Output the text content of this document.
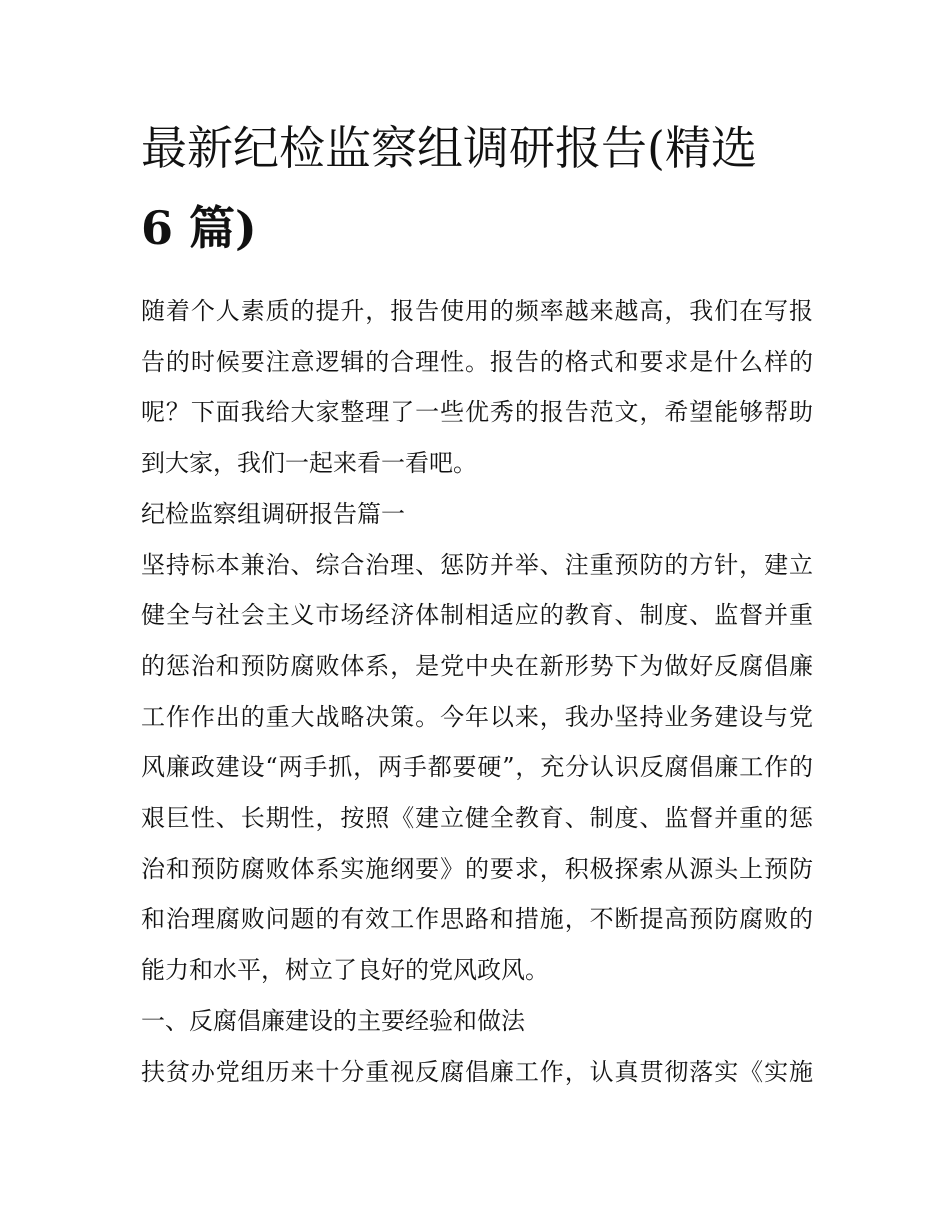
最新纪检监察组调研报告(精选
6 篇)

随着个人素质的提升，报告使用的频率越来越高，我们在写报
告的时候要注意逻辑的合理性。报告的格式和要求是什么样的
呢？下面我给大家整理了一些优秀的报告范文，希望能够帮助
到大家，我们一起来看一看吧。

纪检监察组调研报告篇一

坚持标本兼治、综合治理、惩防并举、注重预防的方针，建立
健全与社会主义市场经济体制相适应的教育、制度、监督并重
的惩治和预防腐败体系，是党中央在新形势下为做好反腐倡廉
工作作出的重大战略决策。今年以来，我办坚持业务建设与党
风廉政建设“两手抓，两手都要硬”，充分认识反腐倡廉工作的
艰巨性、长期性，按照《建立健全教育、制度、监督并重的惩
治和预防腐败体系实施纲要》的要求，积极探索从源头上预防
和治理腐败问题的有效工作思路和措施，不断提高预防腐败的
能力和水平，树立了良好的党风政风。

一、反腐倡廉建设的主要经验和做法

扶贫办党组历来十分重视反腐倡廉工作，认真贯彻落实《实施
